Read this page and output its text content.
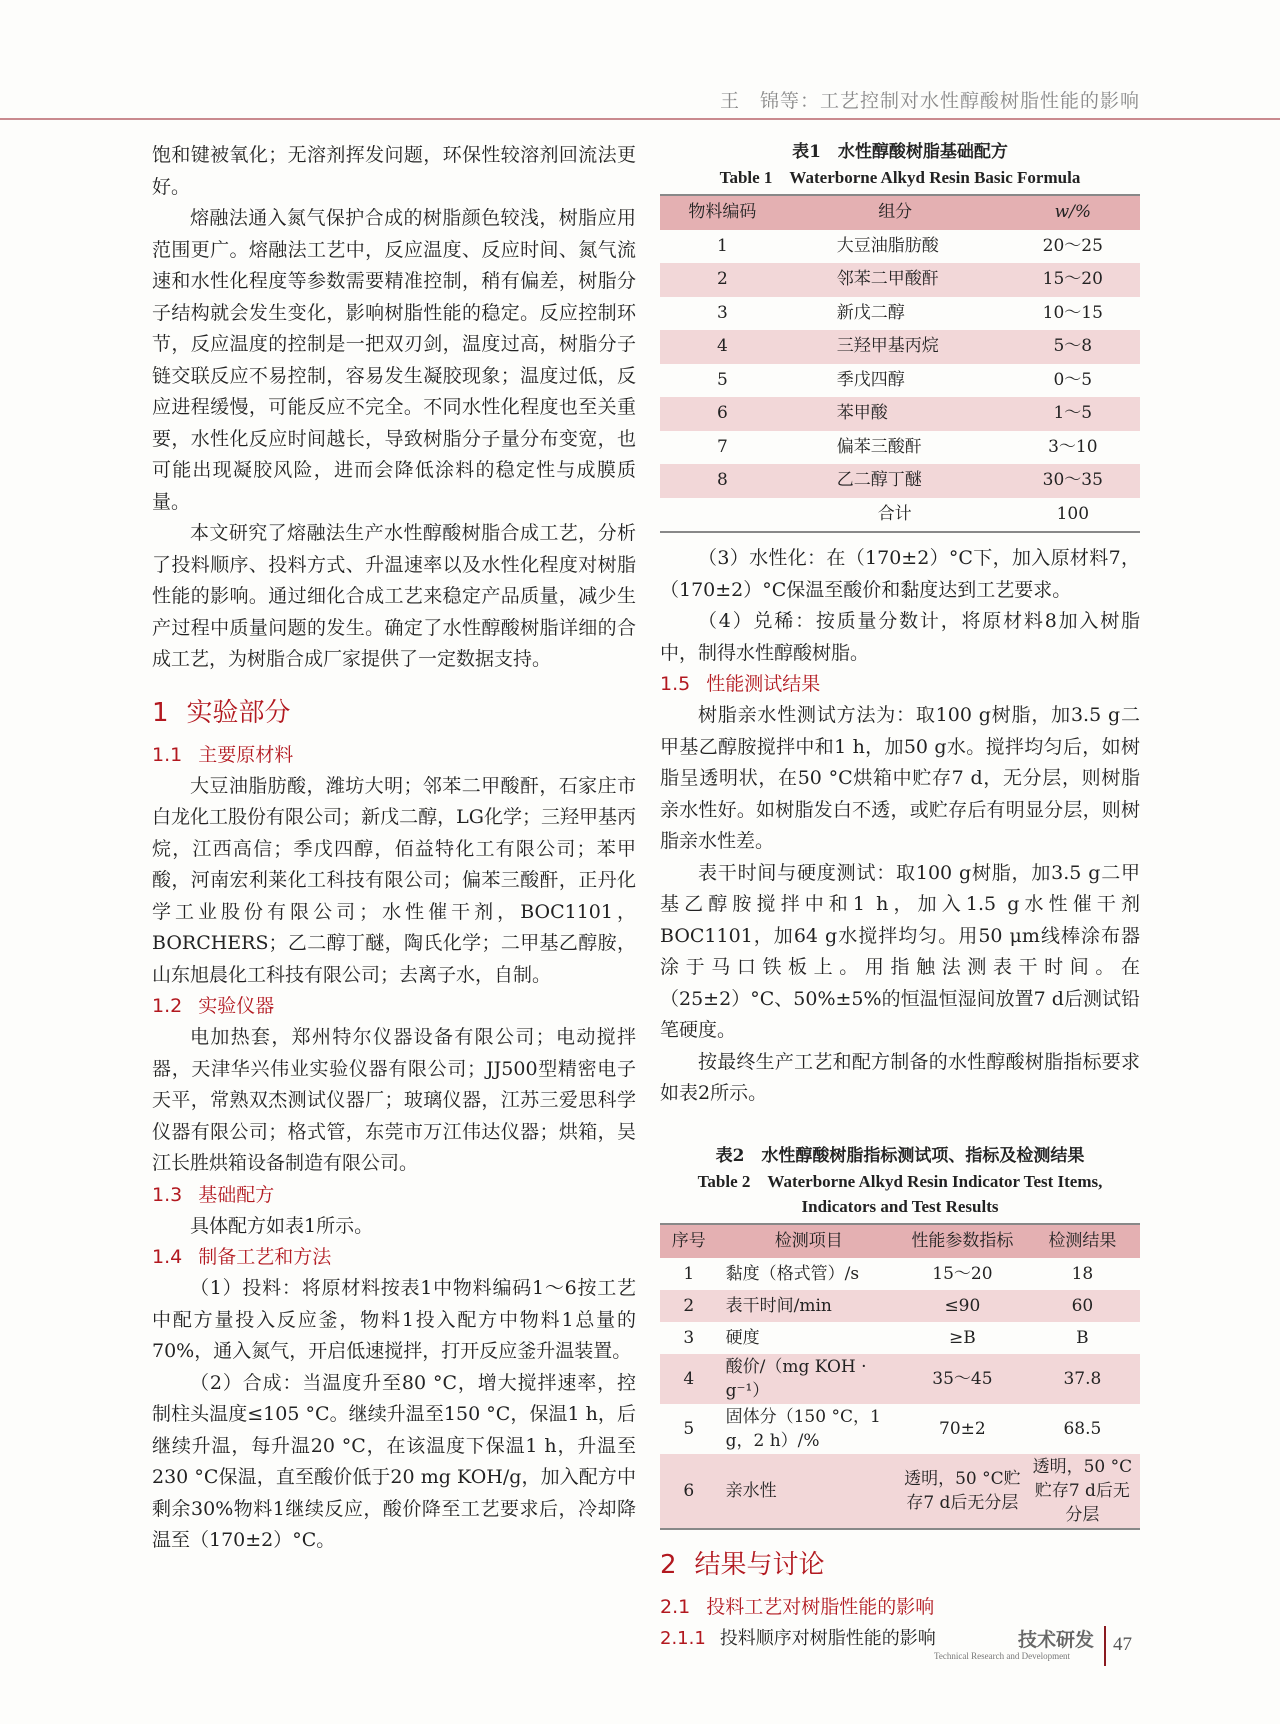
王　锦等：工艺控制对水性醇酸树脂性能的影响

饱和键被氧化；无溶剂挥发问题，环保性较溶剂回流法更好。

熔融法通入氮气保护合成的树脂颜色较浅，树脂应用范围更广。熔融法工艺中，反应温度、反应时间、氮气流速和水性化程度等参数需要精准控制，稍有偏差，树脂分子结构就会发生变化，影响树脂性能的稳定。反应控制环节，反应温度的控制是一把双刃剑，温度过高，树脂分子链交联反应不易控制，容易发生凝胶现象；温度过低，反应进程缓慢，可能反应不完全。不同水性化程度也至关重要，水性化反应时间越长，导致树脂分子量分布变宽，也可能出现凝胶风险，进而会降低涂料的稳定性与成膜质量。

本文研究了熔融法生产水性醇酸树脂合成工艺，分析了投料顺序、投料方式、升温速率以及水性化程度对树脂性能的影响。通过细化合成工艺来稳定产品质量，减少生产过程中质量问题的发生。确定了水性醇酸树脂详细的合成工艺，为树脂合成厂家提供了一定数据支持。

1 实验部分
1.1 主要原材料

大豆油脂肪酸，潍坊大明；邻苯二甲酸酐，石家庄市白龙化工股份有限公司；新戊二醇，LG化学；三羟甲基丙烷，江西高信；季戊四醇，佰益特化工有限公司；苯甲酸，河南宏利莱化工科技有限公司；偏苯三酸酐，正丹化学工业股份有限公司；水性催干剂，BOC1101，BORCHERS；乙二醇丁醚，陶氏化学；二甲基乙醇胺，山东旭晨化工科技有限公司；去离子水，自制。

1.2 实验仪器

电加热套，郑州特尔仪器设备有限公司；电动搅拌器，天津华兴伟业实验仪器有限公司；JJ500型精密电子天平，常熟双杰测试仪器厂；玻璃仪器，江苏三爱思科学仪器有限公司；格式管，东莞市万江伟达仪器；烘箱，吴江长胜烘箱设备制造有限公司。

1.3 基础配方

具体配方如表1所示。

1.4 制备工艺和方法

（1）投料：将原材料按表1中物料编码1～6按工艺中配方量投入反应釜，物料1投入配方中物料1总量的70%，通入氮气，开启低速搅拌，打开反应釜升温装置。

（2）合成：当温度升至80 °C，增大搅拌速率，控制柱头温度≤105 °C。继续升温至150 °C，保温1 h，后继续升温，每升温20 °C，在该温度下保温1 h，升温至230 °C保温，直至酸价低于20 mg KOH/g，加入配方中剩余30%物料1继续反应，酸价降至工艺要求后，冷却降温至（170±2）°C。

表1　水性醇酸树脂基础配方
Table 1　Waterborne Alkyd Resin Basic Formula
物料编码	组分	w/%
1	大豆油脂肪酸	20～25
2	邻苯二甲酸酐	15～20
3	新戊二醇	10～15
4	三羟甲基丙烷	5～8
5	季戊四醇	0～5
6	苯甲酸	1～5
7	偏苯三酸酐	3～10
8	乙二醇丁醚	30～35
	合计	100

（3）水性化：在（170±2）°C下，加入原材料7，（170±2）°C保温至酸价和黏度达到工艺要求。

（4）兑稀：按质量分数计，将原材料8加入树脂中，制得水性醇酸树脂。

1.5 性能测试结果

树脂亲水性测试方法为：取100 g树脂，加3.5 g二甲基乙醇胺搅拌中和1 h，加50 g水。搅拌均匀后，如树脂呈透明状，在50 °C烘箱中贮存7 d，无分层，则树脂亲水性好。如树脂发白不透，或贮存后有明显分层，则树脂亲水性差。

表干时间与硬度测试：取100 g树脂，加3.5 g二甲基乙醇胺搅拌中和1 h，加入1.5 g水性催干剂BOC1101，加64 g水搅拌均匀。用50 μm线棒涂布器涂于马口铁板上。用指触法测表干时间。在（25±2）°C、50%±5%的恒温恒湿间放置7 d后测试铅笔硬度。

按最终生产工艺和配方制备的水性醇酸树脂指标要求如表2所示。

表2　水性醇酸树脂指标测试项、指标及检测结果
Table 2　Waterborne Alkyd Resin Indicator Test Items,
Indicators and Test Results
序号	检测项目	性能参数指标	检测结果
1	黏度（格式管）/s	15～20	18
2	表干时间/min	≤90	60
3	硬度	≥B	B
4	酸价/（mg KOH · g⁻¹）	35～45	37.8
5	固体分（150 °C，1 g，2 h）/%	70±2	68.5
6	亲水性	透明，50 °C贮存7 d后无分层	透明，50 °C贮存7 d后无分层
2 结果与讨论
2.1 投料工艺对树脂性能的影响
2.1.1 投料顺序对树脂性能的影响	技术研发
Technical Research and Development
47
